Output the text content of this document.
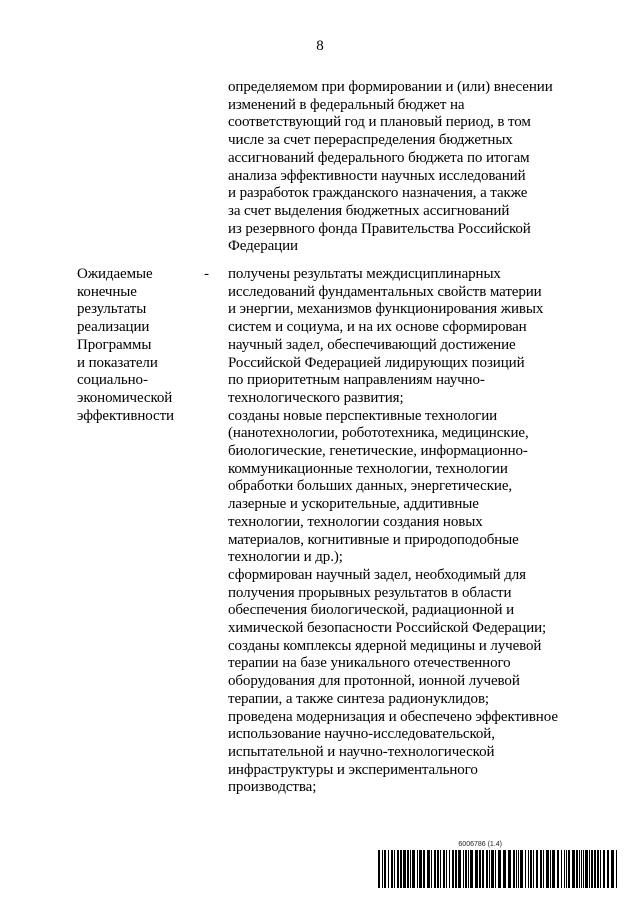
8
определяемом при формировании и (или) внесении
изменений в федеральный бюджет на
соответствующий год и плановый период, в том
числе за счет перераспределения бюджетных
ассигнований федерального бюджета по итогам
анализа эффективности научных исследований
и разработок гражданского назначения, а также
за счет выделения бюджетных ассигнований
из резервного фонда Правительства Российской
Федерации
Ожидаемые
конечные
результаты
реализации
Программы
и показатели
социально-
экономической
эффективности
- получены результаты междисциплинарных
исследований фундаментальных свойств материи
и энергии, механизмов функционирования живых
систем и социума, и на их основе сформирован
научный задел, обеспечивающий достижение
Российской Федерацией лидирующих позиций
по приоритетным направлениям научно-
технологического развития;
созданы новые перспективные технологии
(нанотехнологии, робототехника, медицинские,
биологические, генетические, информационно-
коммуникационные технологии, технологии
обработки больших данных, энергетические,
лазерные и ускорительные, аддитивные
технологии, технологии создания новых
материалов, когнитивные и природоподобные
технологии и др.);
сформирован научный задел, необходимый для
получения прорывных результатов в области
обеспечения биологической, радиационной и
химической безопасности Российской Федерации;
созданы комплексы ядерной медицины и лучевой
терапии на базе уникального отечественного
оборудования для протонной, ионной лучевой
терапии, а также синтеза радионуклидов;
проведена модернизация и обеспечено эффективное
использование научно-исследовательской,
испытательной и научно-технологической
инфраструктуры и экспериментального
производства;
6006786 (1.4)
